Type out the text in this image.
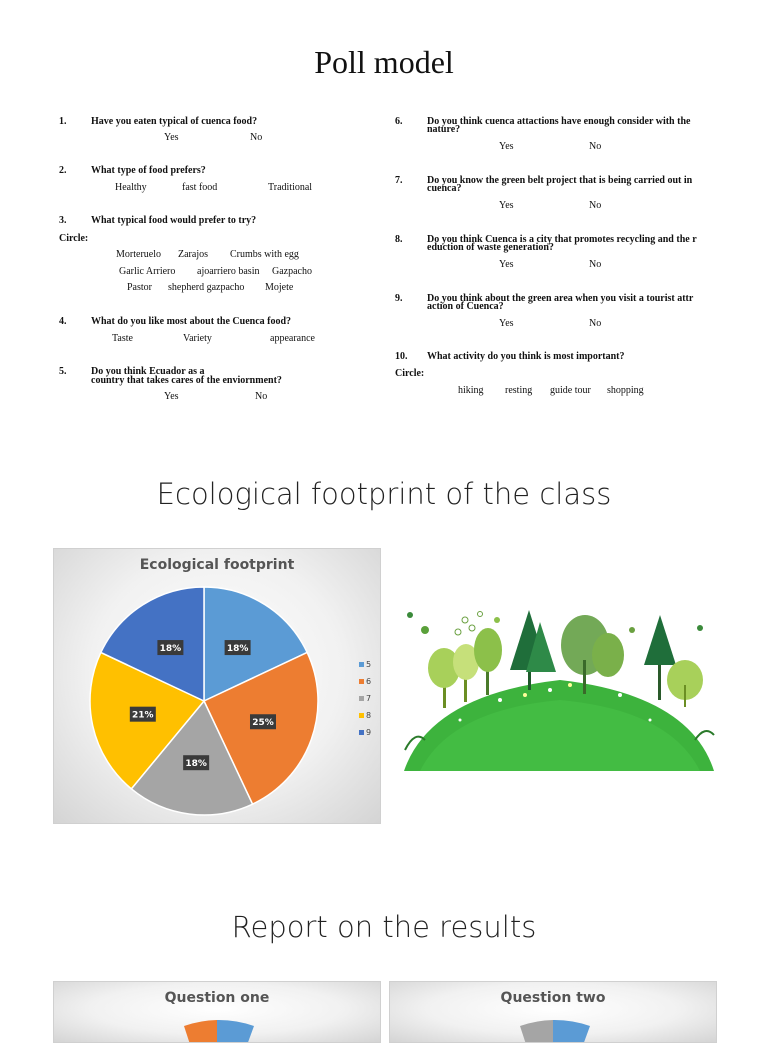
Poll model
1. Have you eaten typical of cuenca food?
Yes	No
2. What type of food prefers?
Healthy	fast food	Traditional
3. What typical food would prefer to try?
Circle:
Morteruelo Zarajos Crumbs with egg
Garlic Arriero ajoarriero basin Gazpacho
Pastor shepherd gazpacho Mojete
4. What do you like most about the Cuenca food?
Taste	Variety	appearance
5. Do you think Ecuador as a
country that takes cares of the enviornment?
Yes	No
6. Do you think cuenca attactions have enough consider with the
nature?
Yes	No
7. Do you know the green belt project that is being carried out in
cuenca?
Yes	No
8. Do you think Cuenca is a city that promotes recycling and the r
eduction of waste generation?
Yes	No
9. Do you think about the green area when you visit a tourist attr
action of Cuenca?
Yes	No
10. What activity do you think is most important?
Circle:
hiking resting guide tour shopping
Ecological footprint of the class
Ecological footprint
18%
25%
18%
21%
18%
5
6
7
8
9
Report on the results
Question one	Question two
